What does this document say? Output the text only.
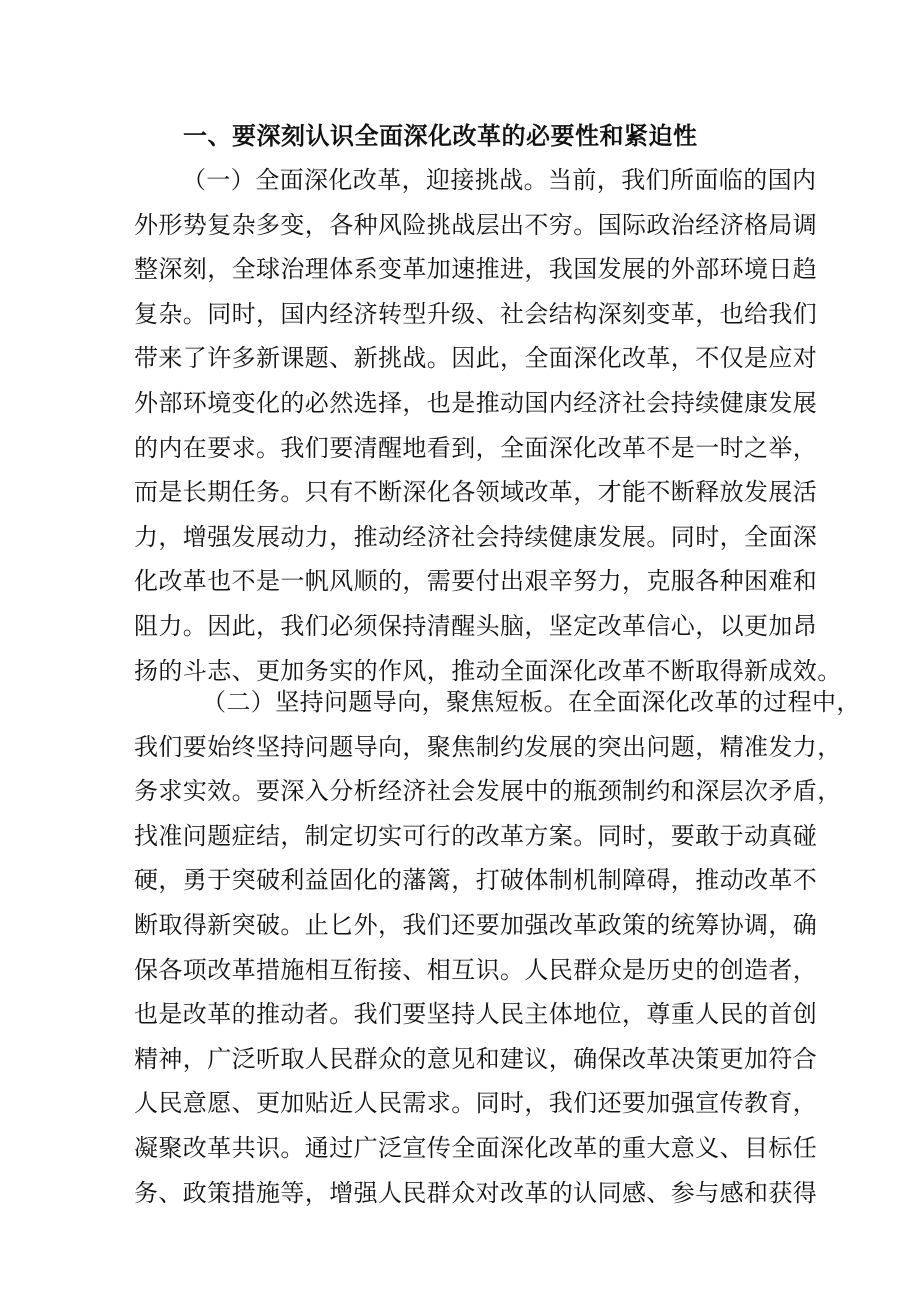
一、要深刻认识全面深化改革的必要性和紧迫性
（一）全面深化改革，迎接挑战。当前，我们所面临的国内
外形势复杂多变，各种风险挑战层出不穷。国际政治经济格局调
整深刻，全球治理体系变革加速推进，我国发展的外部环境日趋
复杂。同时，国内经济转型升级、社会结构深刻变革，也给我们
带来了许多新课题、新挑战。因此，全面深化改革，不仅是应对
外部环境变化的必然选择，也是推动国内经济社会持续健康发展
的内在要求。我们要清醒地看到，全面深化改革不是一时之举，
而是长期任务。只有不断深化各领域改革，才能不断释放发展活
力，增强发展动力，推动经济社会持续健康发展。同时，全面深
化改革也不是一帆风顺的，需要付出艰辛努力，克服各种困难和
阻力。因此，我们必须保持清醒头脑，坚定改革信心，以更加昂
扬的斗志、更加务实的作风，推动全面深化改革不断取得新成效。
（二）坚持问题导向，聚焦短板。在全面深化改革的过程中，
我们要始终坚持问题导向，聚焦制约发展的突出问题，精准发力，
务求实效。要深入分析经济社会发展中的瓶颈制约和深层次矛盾，
找准问题症结，制定切实可行的改革方案。同时，要敢于动真碰
硬，勇于突破利益固化的藩篱，打破体制机制障碍，推动改革不
断取得新突破。止匕外，我们还要加强改革政策的统筹协调，确
保各项改革措施相互衔接、相互识。人民群众是历史的创造者，
也是改革的推动者。我们要坚持人民主体地位，尊重人民的首创
精神，广泛听取人民群众的意见和建议，确保改革决策更加符合
人民意愿、更加贴近人民需求。同时，我们还要加强宣传教育，
凝聚改革共识。通过广泛宣传全面深化改革的重大意义、目标任
务、政策措施等，增强人民群众对改革的认同感、参与感和获得
